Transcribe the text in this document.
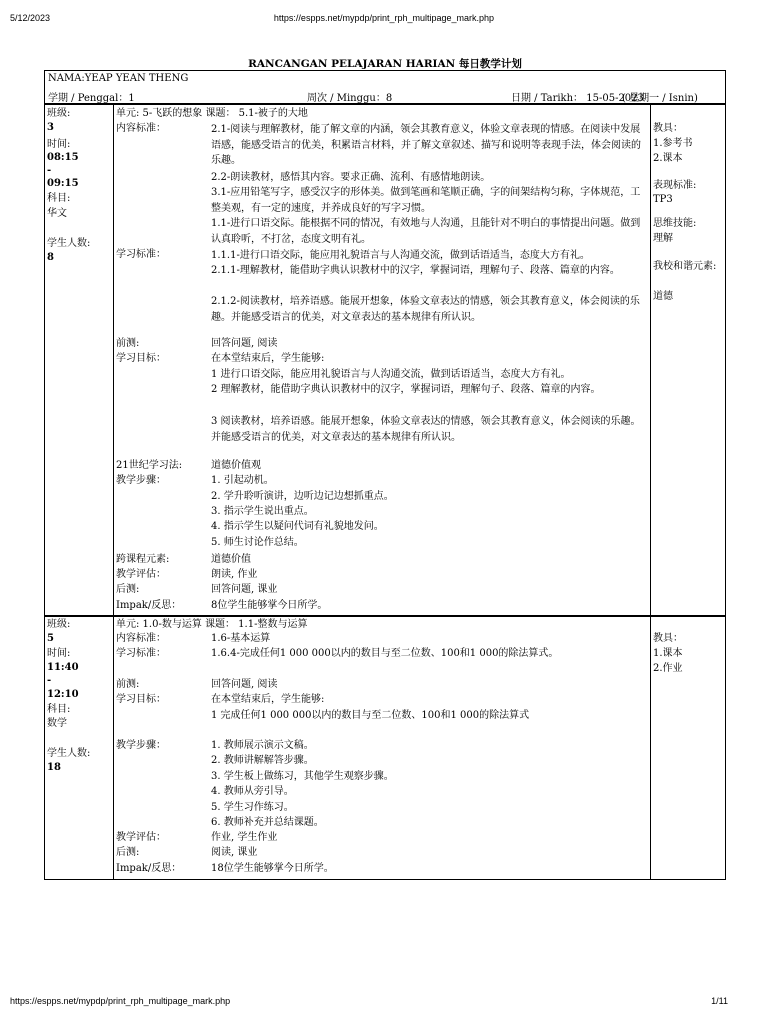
5/12/2023	https://espps.net/mypdp/print_rph_multipage_mark.php
RANCANGAN PELAJARAN HARIAN 每日教学计划
NAMA:YEAP YEAN THENG
学期 / Penggal：1	周次 / Minggu：8	日期 / Tarikh： 15-05-2023
( 星期一 / Isnin)
班级:
3
时间:
08:15
-
09:15
科目:
华文
学生人数:
8
单元: 5-飞跃的想象 课题： 5.1-被子的大地
内容标准：	2.1-阅读与理解教材，能了解文章的内涵，领会其教育意义，体验文章表现的情感。在阅读中发展语感，能感受语言的优美，积累语言材料，并了解文章叙述、描写和说明等表现手法，体会阅读的乐趣。
2.2-朗读教材，感悟其内容。要求正确、流利、有感情地朗读。
3.1-应用铅笔写字，感受汉字的形体美。做到笔画和笔顺正确，字的间架结构匀称，字体规范，工整美观，有一定的速度，并养成良好的写字习惯。
1.1-进行口语交际。能根据不同的情况，有效地与人沟通，且能针对不明白的事情提出问题。做到认真聆听，不打岔，态度文明有礼。
学习标准：	1.1.1-进行口语交际，能应用礼貌语言与人沟通交流，做到话语适当，态度大方有礼。
2.1.1-理解教材，能借助字典认识教材中的汉字，掌握词语，理解句子、段落、篇章的内容。
2.1.2-阅读教材，培养语感。能展开想象，体验文章表达的情感，领会其教育意义，体会阅读的乐趣。并能感受语言的优美，对文章表达的基本规律有所认识。
前测:	回答问题, 阅读
学习目标：	在本堂结束后，学生能够:
1 进行口语交际，能应用礼貌语言与人沟通交流，做到话语适当，态度大方有礼。
2 理解教材，能借助字典认识教材中的汉字，掌握词语，理解句子、段落、篇章的内容。
3 阅读教材，培养语感。能展开想象，体验文章表达的情感，领会其教育意义，体会阅读的乐趣。并能感受语言的优美，对文章表达的基本规律有所认识。
21世纪学习法:	道德价值观
教学步骤：	1. 引起动机。
2. 学升聆听演讲，边听边记边想抓重点。
3. 指示学生说出重点。
4. 指示学生以疑问代词有礼貌地发问。
5. 师生讨论作总结。
跨课程元素:	道德价值
教学评估：	朗读, 作业
后测:	回答问题, 课业
Impak/反思：	8位学生能够掌今日所学。
教具：
1.参考书
2.课本
表现标准:
TP3
思维技能:
理解
我校和谐元素:
道德
班级:
5
时间:
11:40
-
12:10
科目:
数学
学生人数:
18
单元: 1.0-数与运算 课题： 1.1-整数与运算
内容标准：	1.6-基本运算
学习标准：	1.6.4-完成任何1 000 000以内的数目与至二位数、100和1 000的除法算式。
前测:	回答问题, 阅读
学习目标：	在本堂结束后，学生能够:
1 完成任何1 000 000以内的数目与至二位数、100和1 000的除法算式
教学步骤：	1. 教师展示演示文稿。
2. 教师讲解解答步骤。
3. 学生板上做练习，其他学生观察步骤。
4. 教师从旁引导。
5. 学生习作练习。
6. 教师补充并总结课题。
教学评估：	作业, 学生作业
后测:	阅读, 课业
Impak/反思：	18位学生能够掌今日所学。
教具：
1.课本
2.作业
https://espps.net/mypdp/print_rph_multipage_mark.php	1/11
